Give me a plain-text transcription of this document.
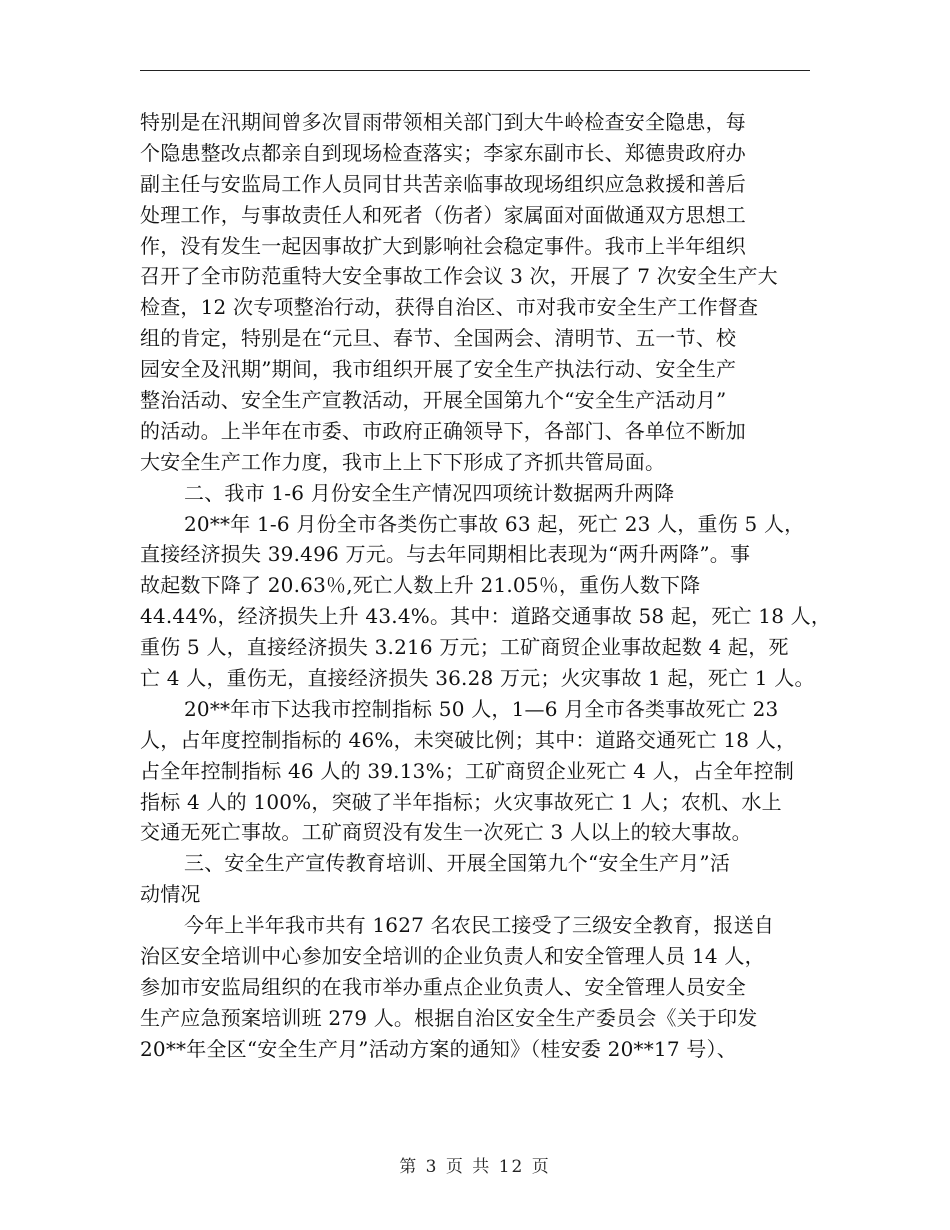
特别是在汛期间曾多次冒雨带领相关部门到大牛岭检查安全隐患，每
个隐患整改点都亲自到现场检查落实；李家东副市长、郑德贵政府办
副主任与安监局工作人员同甘共苦亲临事故现场组织应急救援和善后
处理工作，与事故责任人和死者（伤者）家属面对面做通双方思想工
作，没有发生一起因事故扩大到影响社会稳定事件。我市上半年组织
召开了全市防范重特大安全事故工作会议 3 次，开展了 7 次安全生产大
检查，12 次专项整治行动，获得自治区、市对我市安全生产工作督查
组的肯定，特别是在“元旦、春节、全国两会、清明节、五一节、校
园安全及汛期”期间，我市组织开展了安全生产执法行动、安全生产
整治活动、安全生产宣教活动，开展全国第九个“安全生产活动月”
的活动。上半年在市委、市政府正确领导下，各部门、各单位不断加
大安全生产工作力度，我市上上下下形成了齐抓共管局面。
二、我市 1-6 月份安全生产情况四项统计数据两升两降
20**年 1-6 月份全市各类伤亡事故 63 起，死亡 23 人，重伤 5 人，
直接经济损失 39.496 万元。与去年同期相比表现为“两升两降”。事
故起数下降了 20.63％,死亡人数上升 21.05％，重伤人数下降
44.44%，经济损失上升 43.4%。其中：道路交通事故 58 起，死亡 18 人，
重伤 5 人，直接经济损失 3.216 万元；工矿商贸企业事故起数 4 起，死
亡 4 人，重伤无，直接经济损失 36.28 万元；火灾事故 1 起，死亡 1 人。
20**年市下达我市控制指标 50 人，1—6 月全市各类事故死亡 23
人，占年度控制指标的 46%，未突破比例；其中：道路交通死亡 18 人，
占全年控制指标 46 人的 39.13%；工矿商贸企业死亡 4 人，占全年控制
指标 4 人的 100%，突破了半年指标；火灾事故死亡 1 人；农机、水上
交通无死亡事故。工矿商贸没有发生一次死亡 3 人以上的较大事故。
三、安全生产宣传教育培训、开展全国第九个“安全生产月”活
动情况
今年上半年我市共有 1627 名农民工接受了三级安全教育，报送自
治区安全培训中心参加安全培训的企业负责人和安全管理人员 14 人，
参加市安监局组织的在我市举办重点企业负责人、安全管理人员安全
生产应急预案培训班 279 人。根据自治区安全生产委员会《关于印发
20**年全区“安全生产月”活动方案的通知》（桂安委 20**17 号）、
第 3 页 共 12 页
